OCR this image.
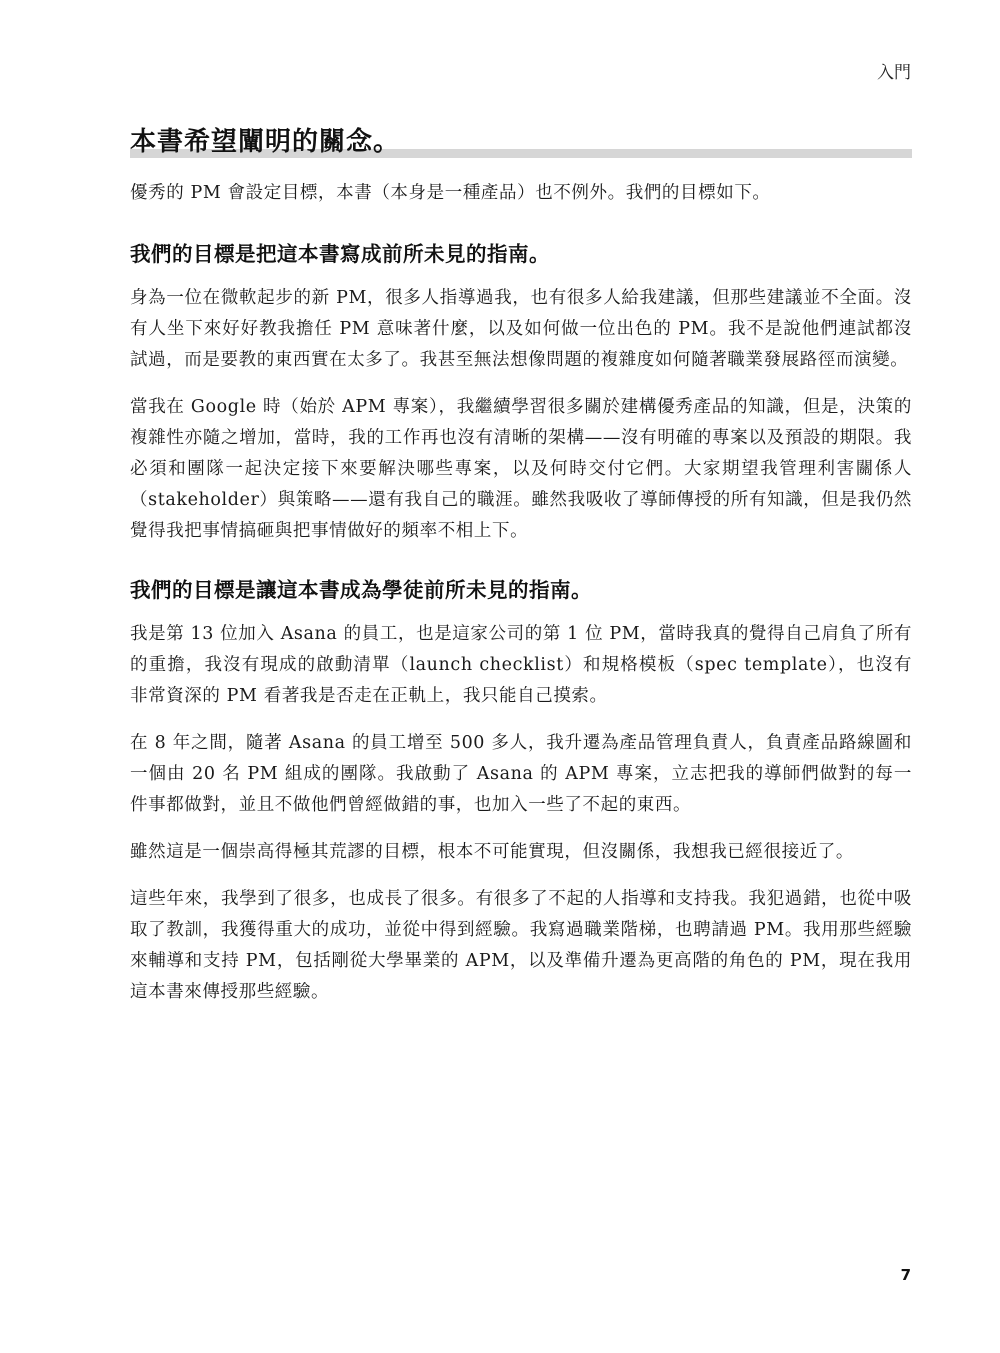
入門
本書希望闡明的關念。

優秀的 PM 會設定目標，本書（本身是一種產品）也不例外。我們的目標如下。

我們的目標是把這本書寫成前所未見的指南。

身為一位在微軟起步的新 PM，很多人指導過我，也有很多人給我建議，但那些建議並不全面。沒有人坐下來好好教我擔任 PM 意味著什麼，以及如何做一位出色的 PM。我不是說他們連試都沒試過，而是要教的東西實在太多了。我甚至無法想像問題的複雜度如何隨著職業發展路徑而演變。

當我在 Google 時（始於 APM 專案），我繼續學習很多關於建構優秀產品的知識，但是，決策的複雜性亦隨之增加，當時，我的工作再也沒有清晰的架構——沒有明確的專案以及預設的期限。我必須和團隊一起決定接下來要解決哪些專案，以及何時交付它們。大家期望我管理利害關係人（stakeholder）與策略——還有我自己的職涯。雖然我吸收了導師傳授的所有知識，但是我仍然覺得我把事情搞砸與把事情做好的頻率不相上下。

我們的目標是讓這本書成為學徒前所未見的指南。

我是第 13 位加入 Asana 的員工，也是這家公司的第 1 位 PM，當時我真的覺得自己肩負了所有的重擔，我沒有現成的啟動清單（launch checklist）和規格模板（spec template），也沒有非常資深的 PM 看著我是否走在正軌上，我只能自己摸索。

在 8 年之間，隨著 Asana 的員工增至 500 多人，我升遷為產品管理負責人，負責產品路線圖和一個由 20 名 PM 組成的團隊。我啟動了 Asana 的 APM 專案，立志把我的導師們做對的每一件事都做對，並且不做他們曾經做錯的事，也加入一些了不起的東西。

雖然這是一個崇高得極其荒謬的目標，根本不可能實現，但沒關係，我想我已經很接近了。

這些年來，我學到了很多，也成長了很多。有很多了不起的人指導和支持我。我犯過錯，也從中吸取了教訓，我獲得重大的成功，並從中得到經驗。我寫過職業階梯，也聘請過 PM。我用那些經驗來輔導和支持 PM，包括剛從大學畢業的 APM，以及準備升遷為更高階的角色的 PM，現在我用這本書來傳授那些經驗。

7
